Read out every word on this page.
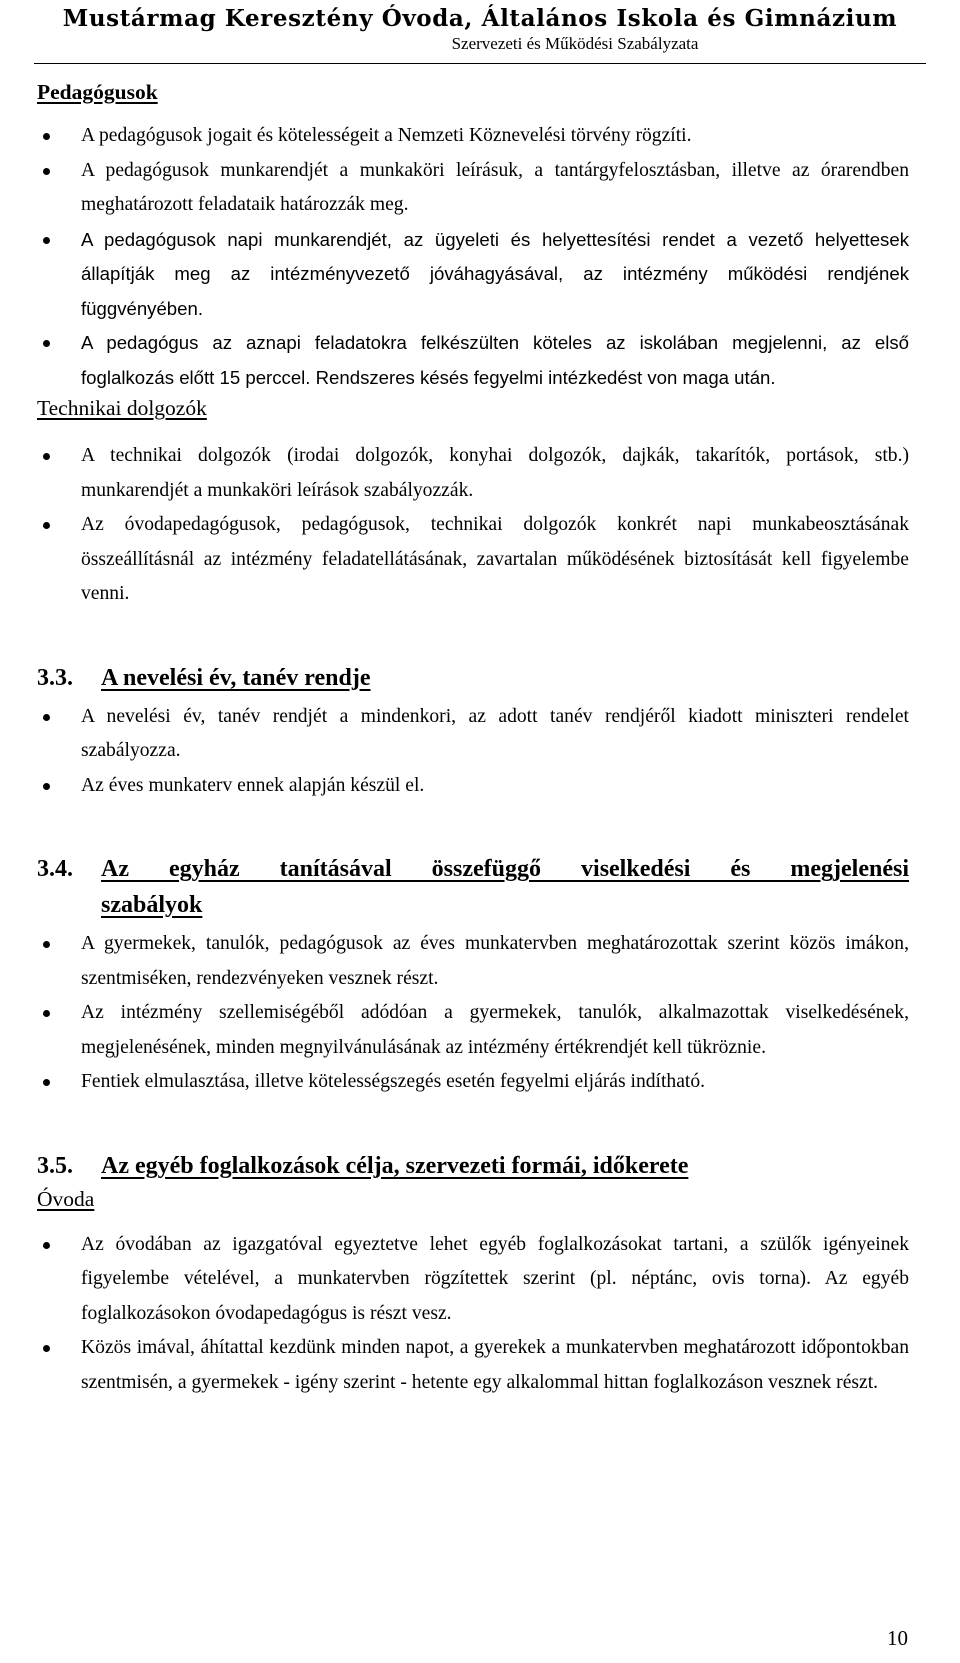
Mustármag Keresztény Óvoda, Általános Iskola és Gimnázium
Szervezeti és Működési Szabályzata
Pedagógusok
A pedagógusok jogait és kötelességeit a Nemzeti Köznevelési törvény rögzíti.
A pedagógusok munkarendjét a munkaköri leírásuk, a tantárgyfelosztásban, illetve az órarendben meghatározott feladataik határozzák meg.
A pedagógusok napi munkarendjét, az ügyeleti és helyettesítési rendet a vezető helyettesek állapítják meg az intézményvezető jóváhagyásával, az intézmény működési rendjének függvényében.
A pedagógus az aznapi feladatokra felkészülten köteles az iskolában megjelenni, az első foglalkozás előtt 15 perccel. Rendszeres késés fegyelmi intézkedést von maga után.
Technikai dolgozók
A technikai dolgozók (irodai dolgozók, konyhai dolgozók, dajkák, takarítók, portások, stb.) munkarendjét a munkaköri leírások szabályozzák.
Az óvodapedagógusok, pedagógusok, technikai dolgozók konkrét napi munkabeosztásának összeállításnál az intézmény feladatellátásának, zavartalan működésének biztosítását kell figyelembe venni.
3.3.	A nevelési év, tanév rendje
A nevelési év, tanév rendjét a mindenkori, az adott tanév rendjéről kiadott miniszteri rendelet szabályozza.
Az éves munkaterv ennek alapján készül el.
3.4.	Az egyház tanításával összefüggő viselkedési és megjelenési
szabályok
A gyermekek, tanulók, pedagógusok az éves munkatervben meghatározottak szerint közös imákon, szentmiséken, rendezvényeken vesznek részt.
Az intézmény szellemiségéből adódóan a gyermekek, tanulók, alkalmazottak viselkedésének, megjelenésének, minden megnyilvánulásának az intézmény értékrendjét kell tükröznie.
Fentiek elmulasztása, illetve kötelességszegés esetén fegyelmi eljárás indítható.
3.5.	Az egyéb foglalkozások célja, szervezeti formái, időkerete
Óvoda
Az óvodában az igazgatóval egyeztetve lehet egyéb foglalkozásokat tartani, a szülők igényeinek figyelembe vételével, a munkatervben rögzítettek szerint (pl. néptánc, ovis torna). Az egyéb foglalkozásokon óvodapedagógus is részt vesz.
Közös imával, áhítattal kezdünk minden napot, a gyerekek a munkatervben meghatározott időpontokban szentmisén, a gyermekek - igény szerint - hetente egy alkalommal hittan foglalkozáson vesznek részt.
10
